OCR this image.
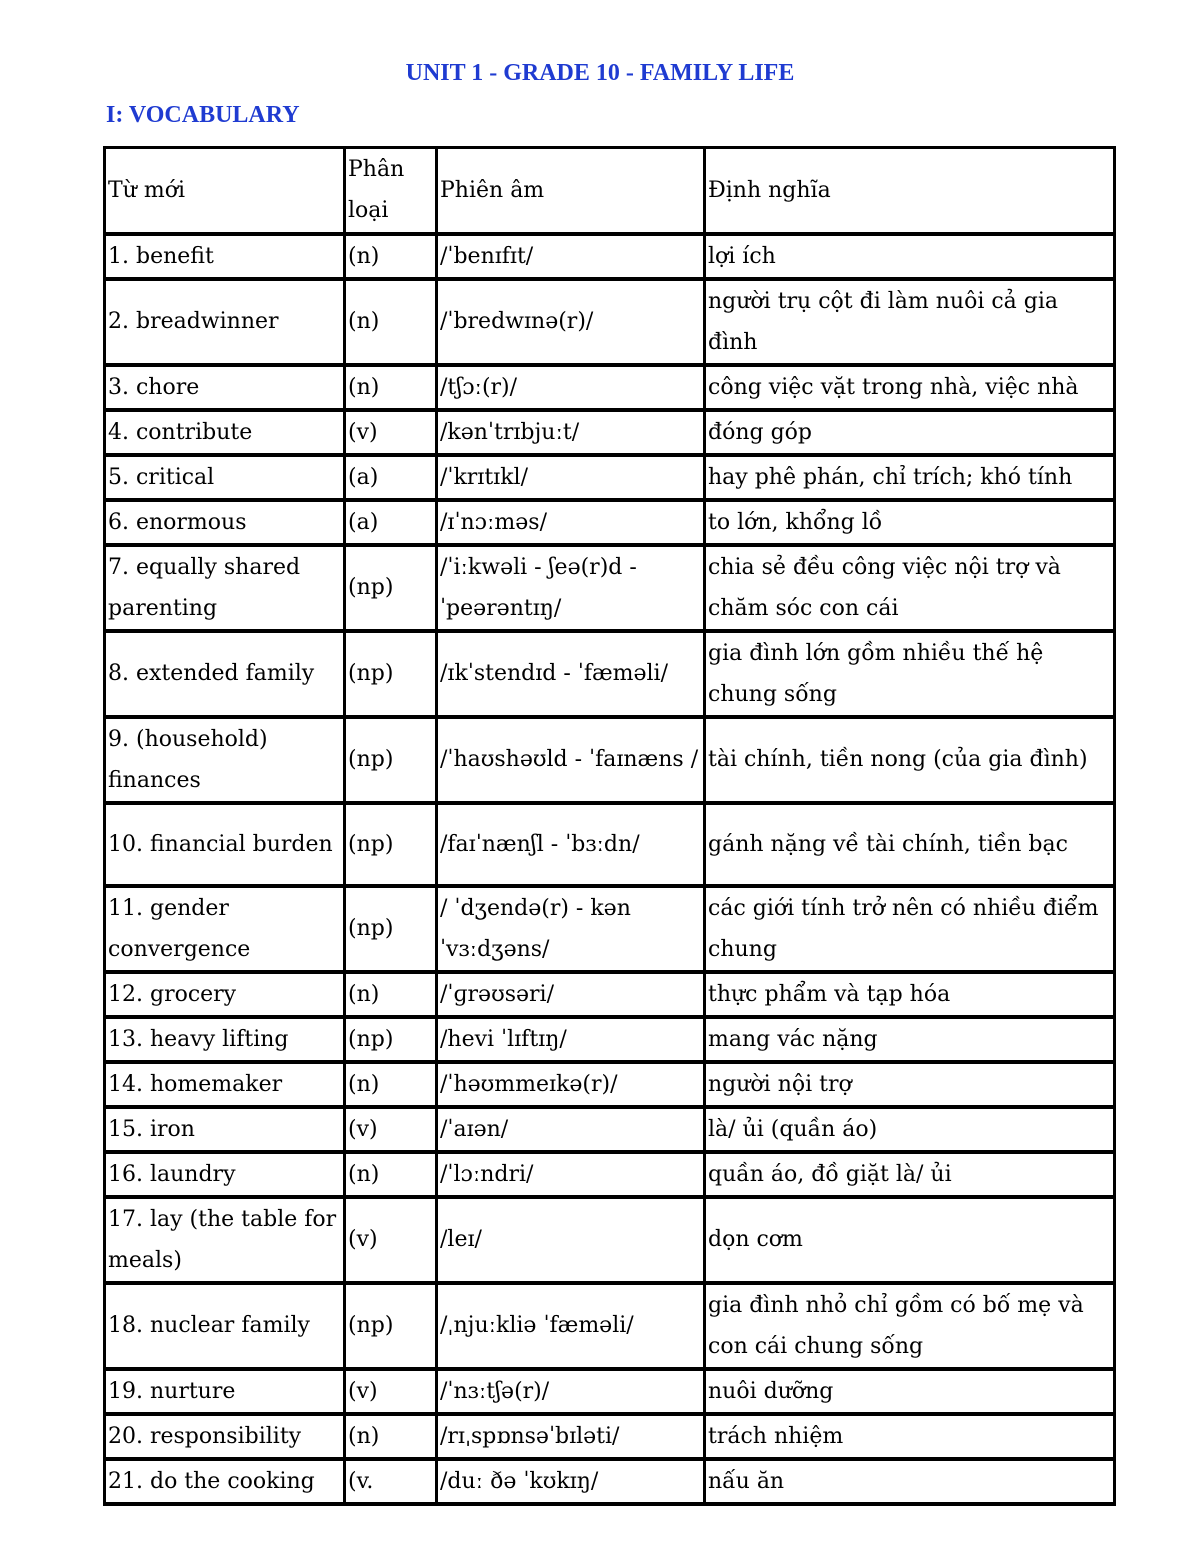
UNIT 1 - GRADE 10 - FAMILY LIFE
I: VOCABULARY
Từ mới	Phân loại	Phiên âm	Định nghĩa
1. benefit	(n)	/ˈbenɪfɪt/	lợi ích
2. breadwinner	(n)	/ˈbredwɪnə(r)/	người trụ cột đi làm nuôi cả gia đình
3. chore	(n)	/tʃɔː(r)/	công việc vặt trong nhà, việc nhà
4. contribute	(v)	/kənˈtrɪbjuːt/	đóng góp
5. critical	(a)	/ˈkrɪtɪkl/	hay phê phán, chỉ trích; khó tính
6. enormous	(a)	/ɪˈnɔːməs/	to lớn, khổng lồ
7. equally shared parenting	(np)	/ˈiːkwəli - ʃeə(r)d - ˈpeərəntɪŋ/	chia sẻ đều công việc nội trợ và chăm sóc con cái
8. extended family	(np)	/ɪkˈstendɪd - ˈfæməli/	gia đình lớn gồm nhiều thế hệ chung sống
9. (household) finances	(np)	/ˈhaʊshəʊld - ˈfaɪnæns /	tài chính, tiền nong (của gia đình)
10. financial burden	(np)	/faɪˈnænʃl - ˈbɜːdn/	gánh nặng về tài chính, tiền bạc
11. gender convergence	(np)	/ ˈdʒendə(r) - kən ˈvɜːdʒəns/	các giới tính trở nên có nhiều điểm chung
12. grocery	(n)	/ˈɡrəʊsəri/	thực phẩm và tạp hóa
13. heavy lifting	(np)	/hevi ˈlɪftɪŋ/	mang vác nặng
14. homemaker	(n)	/ˈhəʊmmeɪkə(r)/	người nội trợ
15. iron	(v)	/ˈaɪən/	là/ ủi (quần áo)
16. laundry	(n)	/ˈlɔːndri/	quần áo, đồ giặt là/ ủi
17. lay (the table for meals)	(v)	/leɪ/	dọn cơm
18. nuclear family	(np)	/ˌnjuːkliə ˈfæməli/	gia đình nhỏ chỉ gồm có bố mẹ và con cái chung sống
19. nurture	(v)	/ˈnɜːtʃə(r)/	nuôi dưỡng
20. responsibility	(n)	/rɪˌspɒnsəˈbɪləti/	trách nhiệm
21. do the cooking	(v.	/duː ðə ˈkʊkɪŋ/	nấu ăn
